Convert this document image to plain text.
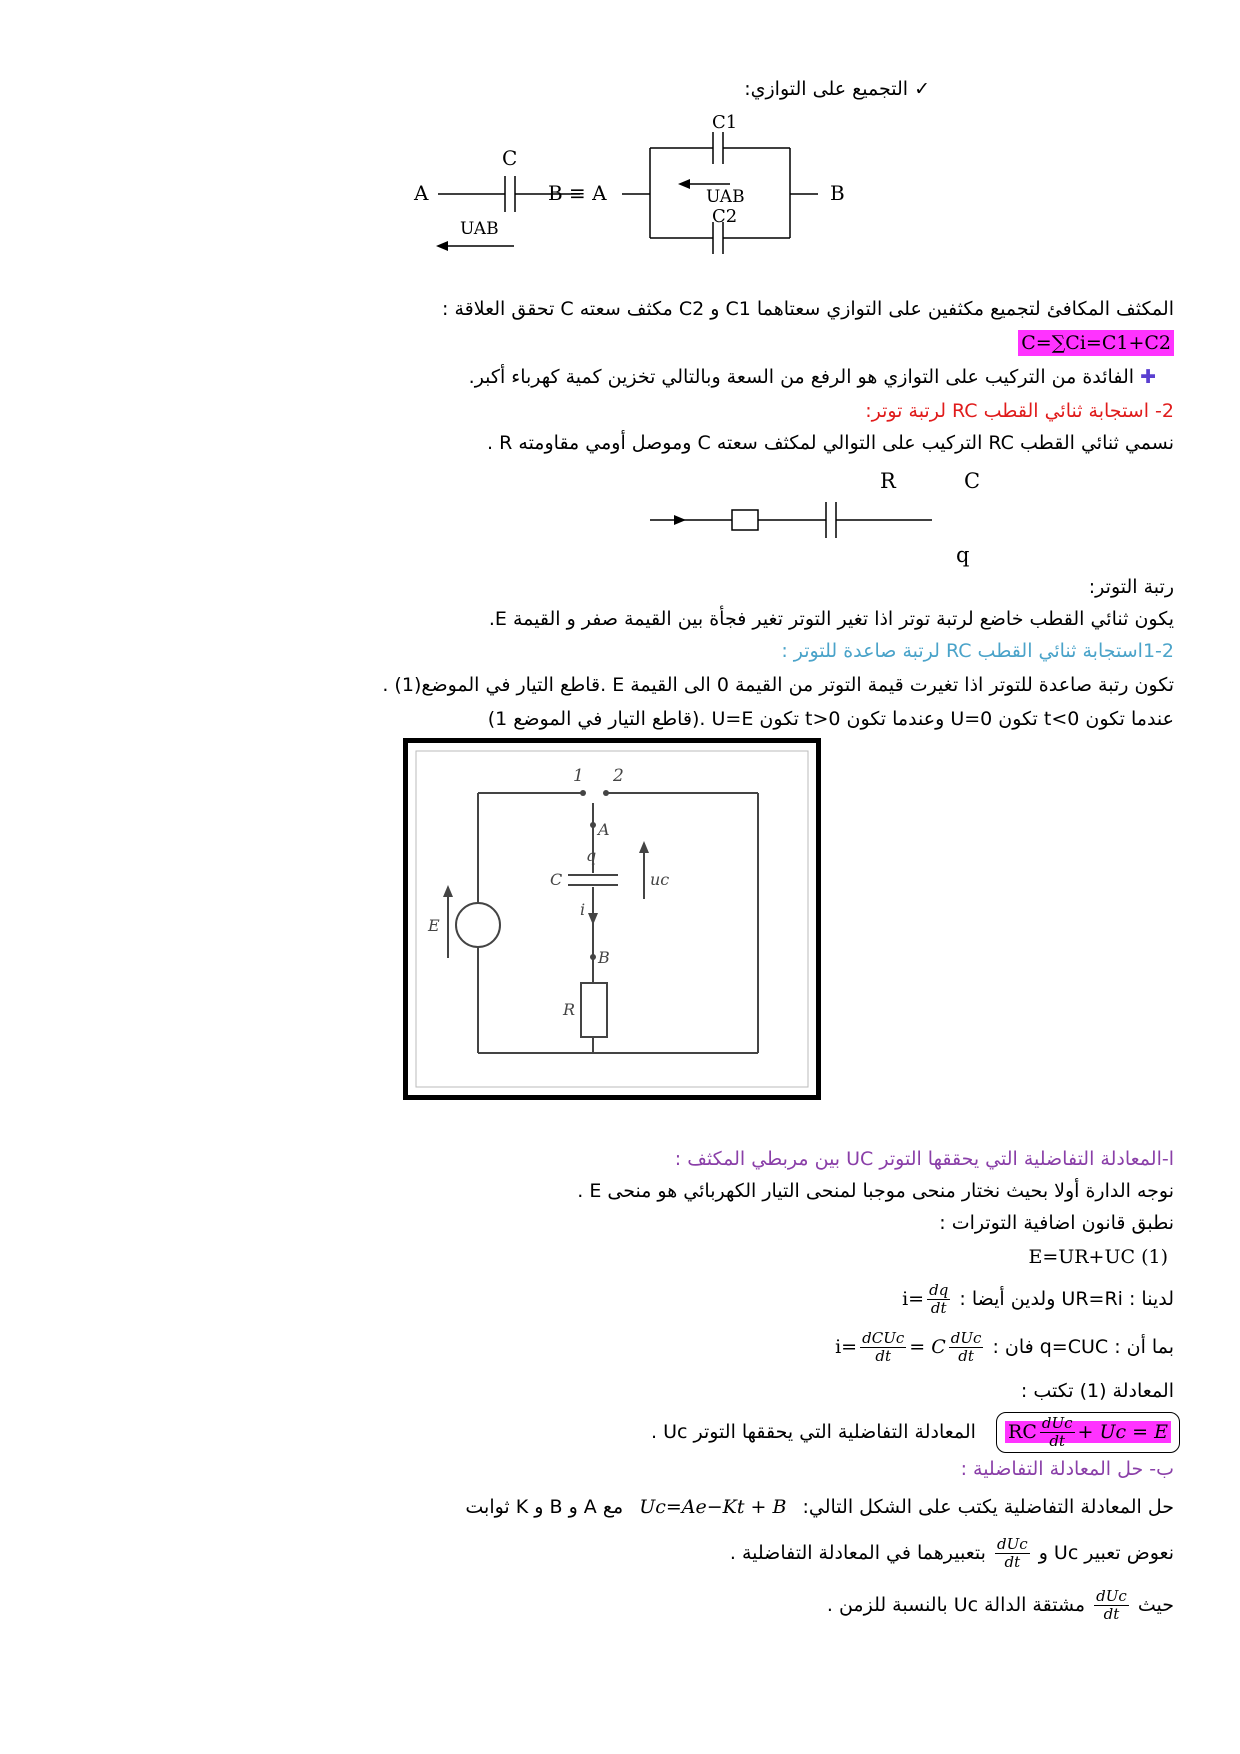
✓ التجميع على التوازي:
A
C
UAB
B ≡ A
C1
C2
UAB	B
المكثف المكافئ لتجميع مكثفين على التوازي سعتاهما C1 و C2 مكثف سعته C تحقق العلاقة :
C=∑Ci=C1+C2
✚ الفائدة من التركيب على التوازي هو الرفع من السعة وبالتالي تخزين كمية كهرباء أكبر.
2- استجابة ثنائي القطب RC لرتبة توتر:
نسمي ثنائي القطب RC التركيب على التوالي لمكثف سعته C وموصل أومي مقاومته R .
R	C
q
رتبة التوتر:
يكون ثنائي القطب خاضع لرتبة توتر اذا تغير التوتر تغير فجأة بين القيمة صفر و القيمة E.
1-2استجابة ثنائي القطب RC لرتبة صاعدة للتوتر :
تكون رتبة صاعدة للتوتر اذا تغيرت قيمة التوتر من القيمة 0 الى القيمة E .قاطع التيار في الموضع(1) .
عندما تكون t<0 تكون U=0 وعندما تكون t>0 تكون U=E .(قاطع التيار في الموضع 1)
1 2
A
q
C	uc
i
B
E
R
ا-المعادلة التفاضلية التي يحققها التوتر UC بين مربطي المكثف :
نوجه الدارة أولا بحيث نختار منحى موجبا لمنحى التيار الكهربائي هو منحى E .
نطبق قانون اضافية التوترات :
(1) E=UR+UC
لدينا : UR=Ri ولدين أيضا : $i= \frac{dq}{dt}$
بما أن : q=CUC فان : $i= \frac{\text{dCUc}}{dt} = C \frac{\text{dUc}}{dt}$
المعادلة (1) تكتب :
RC $\frac{\text{dUc}}{dt} + Uc = E$ المعادلة التفاضلية التي يحققها التوتر Uc .
ب- حل المعادلة التفاضلية :
حل المعادلة التفاضلية يكتب على الشكل التالي: Uc=Ae−Kt + B مع A و B و K ثوابت
نعوض تعبير Uc و
$\frac{\text{dUc}}{dt}$
بتعبيرهما في المعادلة التفاضلية .
حيث
$\frac{\text{dUc}}{dt}$
مشتقة الدالة Uc بالنسبة للزمن .
